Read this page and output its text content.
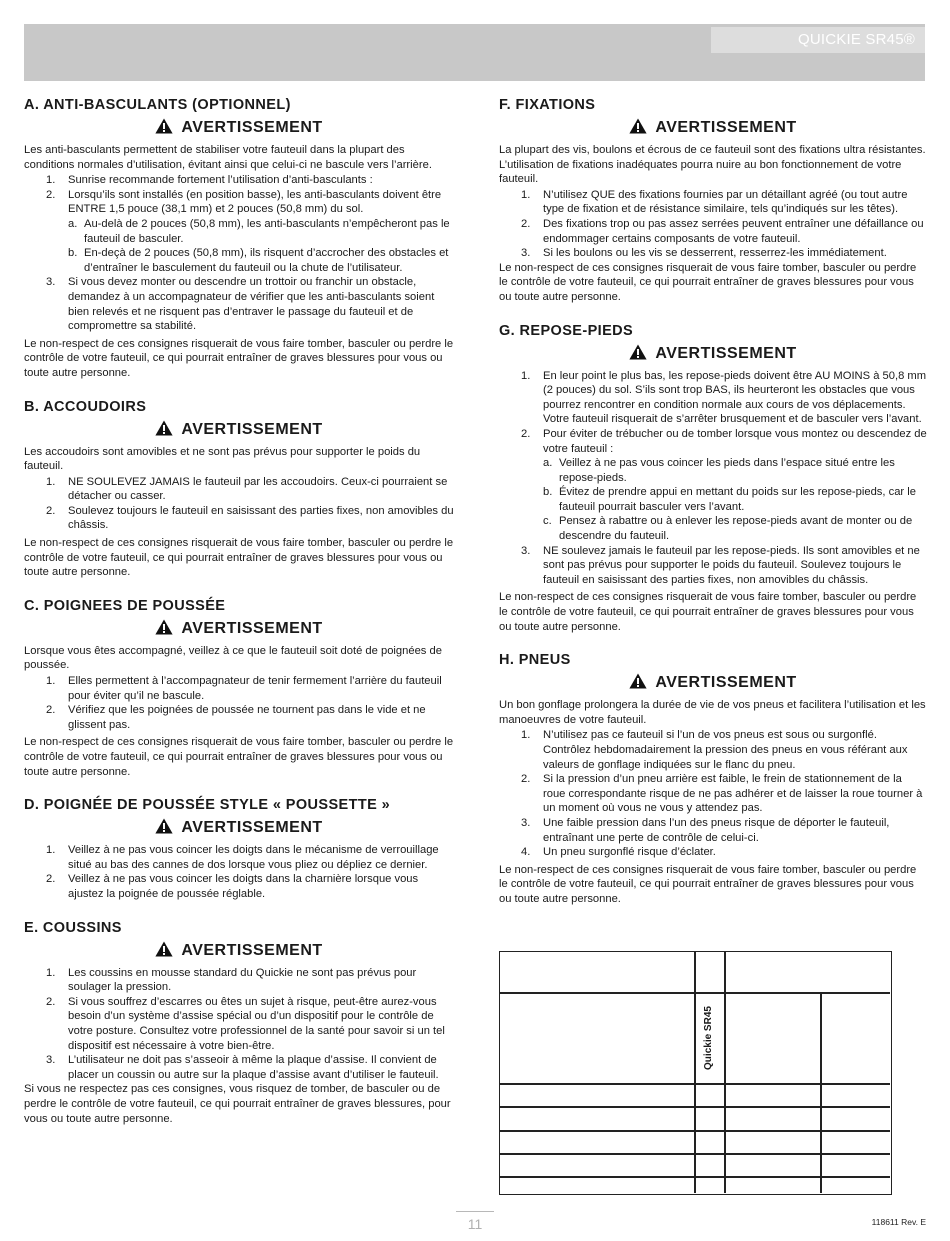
QUICKIE SR45®
A. ANTI-BASCULANTS (OPTIONNEL)
AVERTISSEMENT
Les anti-basculants permettent de stabiliser votre fauteuil dans la plupart des conditions normales d’utilisation, évitant ainsi que celui-ci ne bascule vers l’arrière.
1. Sunrise recommande fortement l’utilisation d’anti-basculants :
2. Lorsqu’ils sont installés (en position basse), les anti-basculants doivent être ENTRE 1,5 pouce (38,1 mm) et 2 pouces (50,8 mm) du sol.
a. Au-delà de 2 pouces (50,8 mm), les anti-basculants n’empêcheront pas le fauteuil de basculer.
b. En-deçà de 2 pouces (50,8 mm), ils risquent d’accrocher des obstacles et d’entraîner le basculement du fauteuil ou la chute de l’utilisateur.
3. Si vous devez monter ou descendre un trottoir ou franchir un obstacle, demandez à un accompagnateur de vérifier que les anti-basculants soient bien relevés et ne risquent pas d’entraver le passage du fauteuil et de compromettre sa stabilité.
Le non-respect de ces consignes risquerait de vous faire tomber, basculer ou perdre le contrôle de votre fauteuil, ce qui pourrait entraîner de graves blessures pour vous ou toute autre personne.
B. ACCOUDOIRS
AVERTISSEMENT
Les accoudoirs sont amovibles et ne sont pas prévus pour supporter le poids du fauteuil.
1. NE SOULEVEZ JAMAIS le fauteuil par les accoudoirs. Ceux-ci pourraient se détacher ou casser.
2. Soulevez toujours le fauteuil en saisissant des parties fixes, non amovibles du châssis.
Le non-respect de ces consignes risquerait de vous faire tomber, basculer ou perdre le contrôle de votre fauteuil, ce qui pourrait entraîner de graves blessures pour vous ou toute autre personne.
C. POIGNEES DE POUSSÉE
AVERTISSEMENT
Lorsque vous êtes accompagné, veillez à ce que le fauteuil soit doté de poignées de poussée.
1. Elles permettent à l’accompagnateur de tenir fermement l’arrière du fauteuil pour éviter qu’il ne bascule.
2. Vérifiez que les poignées de poussée ne tournent pas dans le vide et ne glissent pas.
Le non-respect de ces consignes risquerait de vous faire tomber, basculer ou perdre le contrôle de votre fauteuil, ce qui pourrait entraîner de graves blessures pour vous ou toute autre personne.
D. POIGNÉE DE POUSSÉE STYLE « POUSSETTE »
AVERTISSEMENT
1. Veillez à ne pas vous coincer les doigts dans le mécanisme de verrouillage situé au bas des cannes de dos lorsque vous pliez ou dépliez ce dernier.
2. Veillez à ne pas vous coincer les doigts dans la charnière lorsque vous ajustez la poignée de poussée réglable.
E. COUSSINS
AVERTISSEMENT
1. Les coussins en mousse standard du Quickie ne sont pas prévus pour soulager la pression.
2. Si vous souffrez d’escarres ou êtes un sujet à risque, peut-être aurez-vous besoin d’un système d’assise spécial ou d’un dispositif pour le contrôle de votre posture. Consultez votre professionnel de la santé pour savoir si un tel dispositif est nécessaire à votre bien-être.
3. L’utilisateur ne doit pas s’asseoir à même la plaque d’assise. Il convient de placer un coussin ou autre sur la plaque d’assise avant d’utiliser le fauteuil.
Si vous ne respectez pas ces consignes, vous risquez de tomber, de basculer ou de perdre le contrôle de votre fauteuil, ce qui pourrait entraîner de graves blessures, pour vous ou toute autre personne.
F. FIXATIONS
AVERTISSEMENT
La plupart des vis, boulons et écrous de ce fauteuil sont des fixations ultra résistantes. L’utilisation de fixations inadéquates pourra nuire au bon fonctionnement de votre fauteuil.
1. N’utilisez QUE des fixations fournies par un détaillant agréé (ou tout autre type de fixation et de résistance similaire, tels qu’indiqués sur les têtes).
2. Des fixations trop ou pas assez serrées peuvent entraîner une défaillance ou endommager certains composants de votre fauteuil.
3. Si les boulons ou les vis se desserrent, resserrez-les immédiatement.
Le non-respect de ces consignes risquerait de vous faire tomber, basculer ou perdre le contrôle de votre fauteuil, ce qui pourrait entraîner de graves blessures pour vous ou toute autre personne.
G. REPOSE-PIEDS
AVERTISSEMENT
1. En leur point le plus bas, les repose-pieds doivent être AU MOINS à 50,8 mm (2 pouces) du sol. S’ils sont trop BAS, ils heurteront les obstacles que vous pourrez rencontrer en condition normale aux cours de vos déplacements. Votre fauteuil risquerait de s’arrêter brusquement et de basculer vers l’avant.
2. Pour éviter de trébucher ou de tomber lorsque vous montez ou descendez de votre fauteuil :
a. Veillez à ne pas vous coincer les pieds dans l’espace situé entre les repose-pieds.
b. Évitez de prendre appui en mettant du poids sur les repose-pieds, car le fauteuil pourrait basculer vers l’avant.
c. Pensez à rabattre ou à enlever les repose-pieds avant de monter ou de descendre du fauteuil.
3. NE soulevez jamais le fauteuil par les repose-pieds. Ils sont amovibles et ne sont pas prévus pour supporter le poids du fauteuil. Soulevez toujours le fauteuil en saisissant des parties fixes, non amovibles du châssis.
Le non-respect de ces consignes risquerait de vous faire tomber, basculer ou perdre le contrôle de votre fauteuil, ce qui pourrait entraîner de graves blessures pour vous ou toute autre personne.
H. PNEUS
AVERTISSEMENT
Un bon gonflage prolongera la durée de vie de vos pneus et facilitera l’utilisation et les manoeuvres de votre fauteuil.
1. N’utilisez pas ce fauteuil si l’un de vos pneus est sous ou surgonflé. Contrôlez hebdomadairement la pression des pneus en vous référant aux valeurs de gonflage indiquées sur le flanc du pneu.
2. Si la pression d’un pneu arrière est faible, le frein de stationnement de la roue correspondante risque de ne pas adhérer et de laisser la roue tourner à un moment où vous ne vous y attendez pas.
3. Une faible pression dans l’un des pneus risque de déporter le fauteuil, entraînant une perte de contrôle de celui-ci.
4. Un pneu surgonflé risque d’éclater.
Le non-respect de ces consignes risquerait de vous faire tomber, basculer ou perdre le contrôle de votre fauteuil, ce qui pourrait entraîner de graves blessures pour vous ou toute autre personne.
Quickie SR45
11	118611 Rev. E
